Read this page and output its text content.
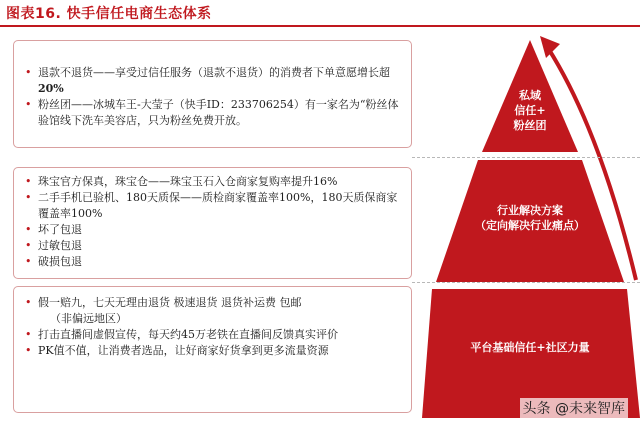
图表16. 快手信任电商生态体系
• 退款不退货——享受过信任服务（退款不退货）的消费者下单意愿增长超
20%
• 粉丝团——冰城车王-大莹子（快手ID：233706254）有一家名为“粉丝体验馆线下洗车美容店，只为粉丝免费开放。
• 珠宝官方保真，珠宝仓——珠宝玉石入仓商家复购率提升16%
• 二手手机已验机、180天质保——质检商家覆盖率100%，180天质保商家覆盖率100%
• 坏了包退
• 过敏包退
• 破损包退
• 假一赔九，七天无理由退货 极速退货 退货补运费 包邮
（非偏远地区）
• 打击直播间虚假宣传，每天约45万老铁在直播间反馈真实评价
• PK值不值，让消费者选品，让好商家好货拿到更多流量资源
私域
信任+
粉丝团
行业解决方案
（定向解决行业痛点）
平台基础信任+社区力量
头条 @未来智库
